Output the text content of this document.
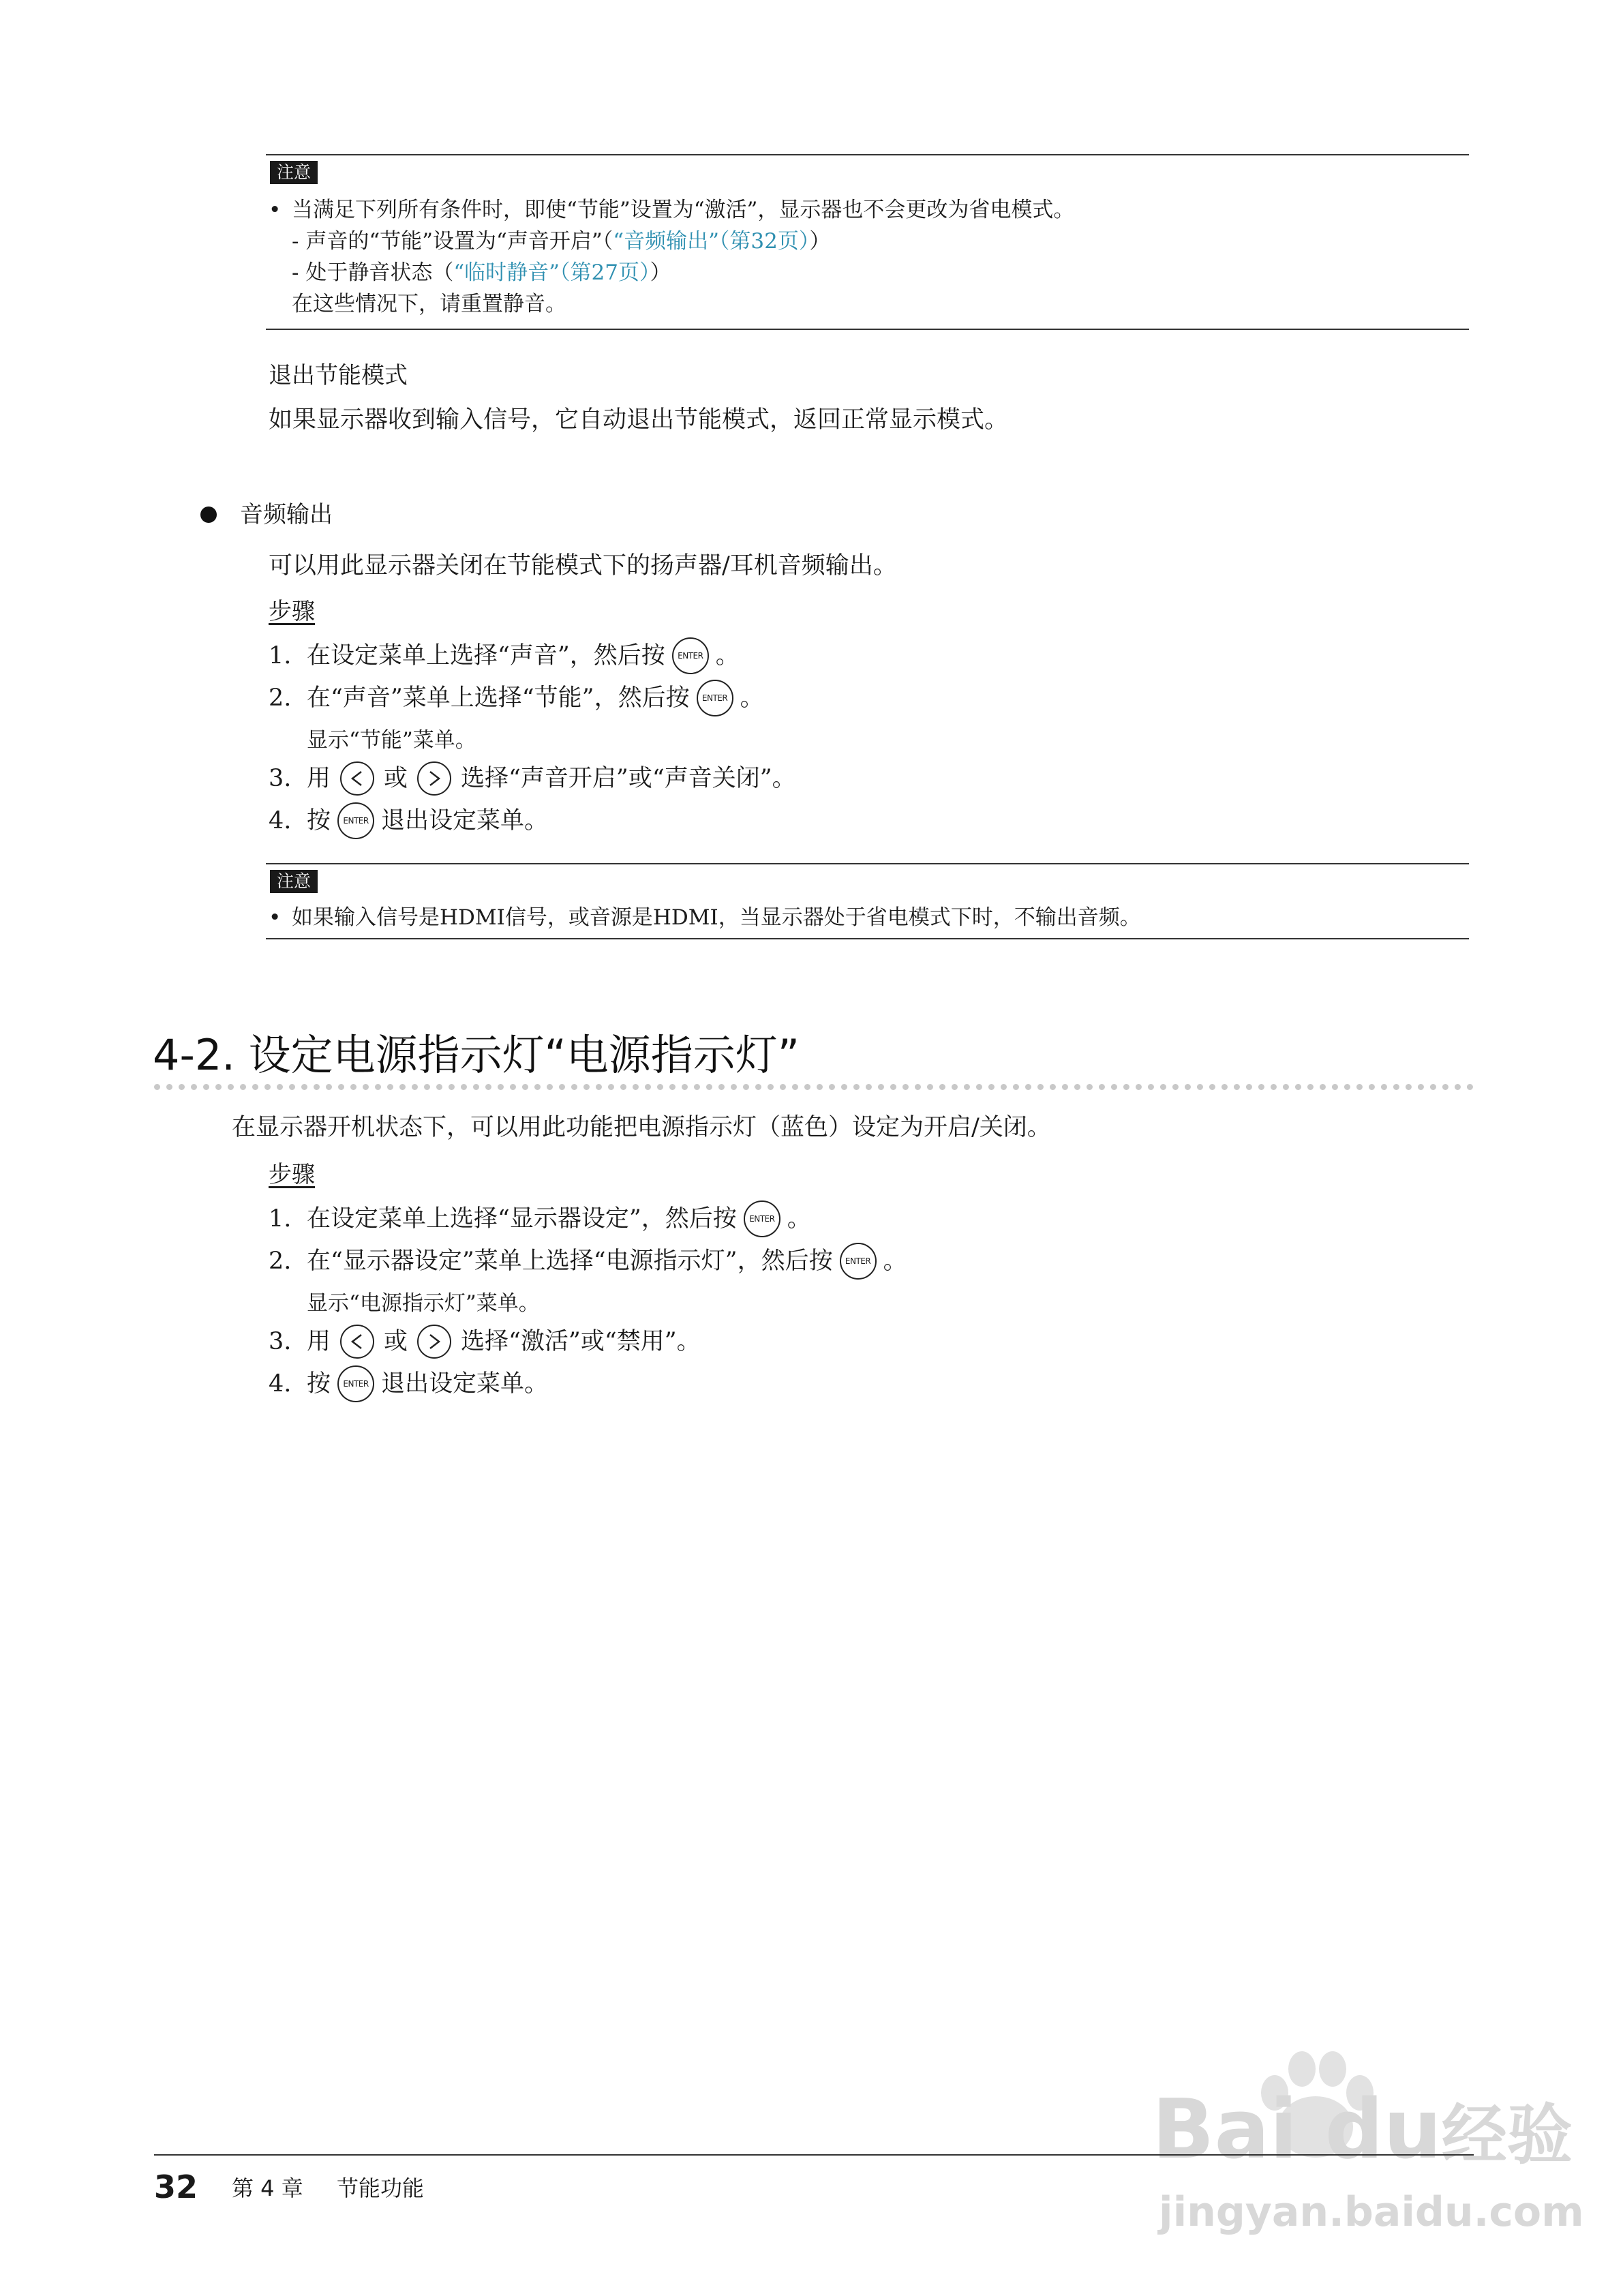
注意
• 当满足下列所有条件时，即使“节能”设置为“激活”，显示器也不会更改为省电模式。
- 声音的“节能”设置为“声音开启”（“音频输出”（第32页））
- 处于静音状态（“临时静音”（第27页））
在这些情况下，请重置静音。
退出节能模式
如果显示器收到输入信号，它自动退出节能模式，返回正常显示模式。
音频输出
可以用此显示器关闭在节能模式下的扬声器/耳机音频输出。
步骤
1. 在设定菜单上选择“声音”，然后按	ENTER 。
2. 在“声音”菜单上选择“节能”，然后按	ENTER 。
显示“节能”菜单。
3. 用 或 选择“声音开启”或“声音关闭”。
4. 按	ENTER 退出设定菜单。
注意
• 如果输入信号是HDMI信号，或音源是HDMI，当显示器处于省电模式下时，不输出音频。
4-2. 设定电源指示灯“电源指示灯”
在显示器开机状态下，可以用此功能把电源指示灯（蓝色）设定为开启/关闭。
步骤
1. 在设定菜单上选择“显示器设定”，然后按	ENTER 。
2. 在“显示器设定”菜单上选择“电源指示灯”，然后按	ENTER 。
显示“电源指示灯”菜单。
3. 用 或 选择“激活”或“禁用”。
4. 按	ENTER 退出设定菜单。
Bai du经验
jingyan.baidu.com
32 第 4 章 节能功能
